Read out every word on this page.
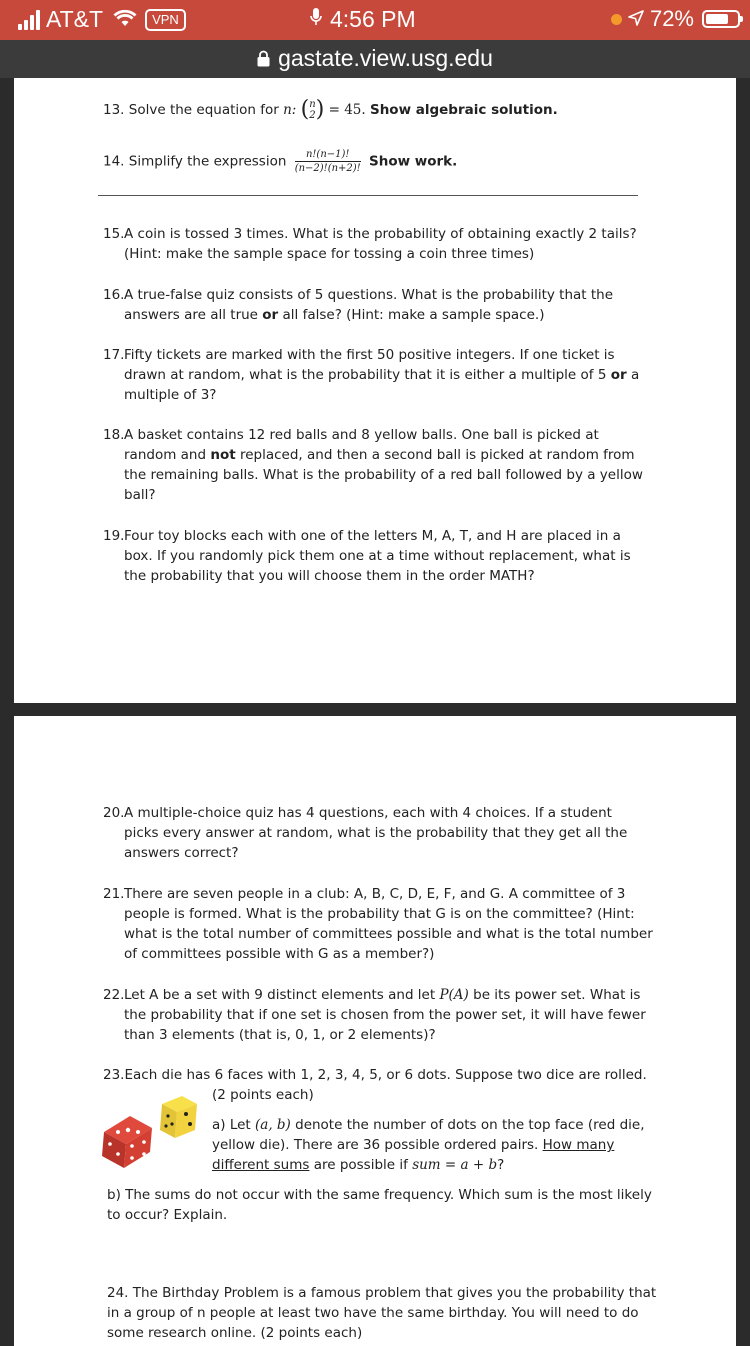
AT&T	VPN	4:56 PM	72%
gastate.view.usg.edu
13. Solve the equation for n: ( n
2 ) = 45. Show algebraic solution.
14. Simplify the expression $\frac{n!(n-1)!}{(n-2)!(n+2)!}$ Show work.
15. A coin is tossed 3 times. What is the probability of obtaining exactly 2 tails?
(Hint: make the sample space for tossing a coin three times)
16. A true-false quiz consists of 5 questions. What is the probability that the
answers are all true or all false? (Hint: make a sample space.)
17. Fifty tickets are marked with the first 50 positive integers. If one ticket is
drawn at random, what is the probability that it is either a multiple of 5 or a
multiple of 3?
18. A basket contains 12 red balls and 8 yellow balls. One ball is picked at
random and not replaced, and then a second ball is picked at random from
the remaining balls. What is the probability of a red ball followed by a yellow
ball?
19. Four toy blocks each with one of the letters M, A, T, and H are placed in a
box. If you randomly pick them one at a time without replacement, what is
the probability that you will choose them in the order MATH?
20. A multiple-choice quiz has 4 questions, each with 4 choices. If a student
picks every answer at random, what is the probability that they get all the
answers correct?
21. There are seven people in a club: A, B, C, D, E, F, and G. A committee of 3
people is formed. What is the probability that G is on the committee? (Hint:
what is the total number of committees possible and what is the total number
of committees possible with G as a member?)
22. Let A be a set with 9 distinct elements and let P(A) be its power set. What is
the probability that if one set is chosen from the power set, it will have fewer
than 3 elements (that is, 0, 1, or 2 elements)?
23.Each die has 6 faces with 1, 2, 3, 4, 5, or 6 dots. Suppose two dice are rolled.
(2 points each)
a) Let (a, b) denote the number of dots on the top face (red die,
yellow die). There are 36 possible ordered pairs. How many
different sums are possible if sum = a + b?
b) The sums do not occur with the same frequency. Which sum is the most likely
to occur? Explain.
24. The Birthday Problem is a famous problem that gives you the probability that
in a group of n people at least two have the same birthday. You will need to do
some research online. (2 points each)
